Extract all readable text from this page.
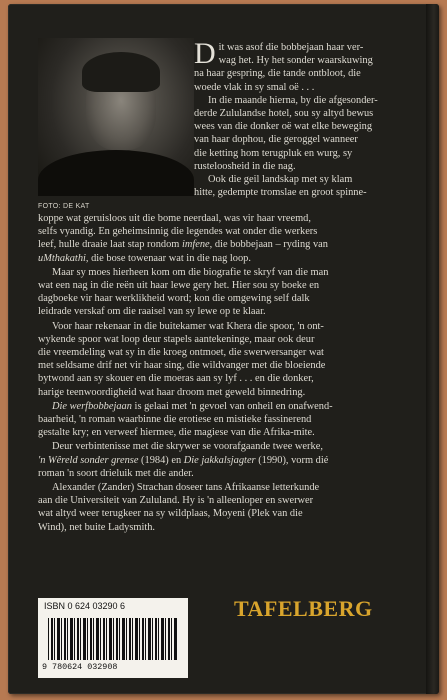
FOTO: DE KAT

D it was asof die bobbejaan haar ver-
wag het. Hy het sonder waarskuwing
na haar gespring, die tande ontbloot, die
woede vlak in sy smal oë . . .

In die maande hierna, by die afgesonder-
derde Zululandse hotel, sou sy altyd bewus
wees van die donker oë wat elke beweging
van haar dophou, die geroggel wanneer
die ketting hom terugpluk en wurg, sy
rusteloosheid in die nag.

Ook die geil landskap met sy klam
hitte, gedempte tromslae en groot spinne-

koppe wat geruisloos uit die bome neerdaal, was vir haar vreemd,
selfs vyandig. En geheimsinnig die legendes wat onder die werkers
leef, hulle draaie laat stap rondom imfene, die bobbejaan – ryding van
uMthakathi, die bose towenaar wat in die nag loop.

Maar sy moes hierheen kom om die biografie te skryf van die man
wat een nag in die reën uit haar lewe gery het. Hier sou sy boeke en
dagboeke vir haar werklikheid word; kon die omgewing self dalk
leidrade verskaf om die raaisel van sy lewe op te klaar.

Voor haar rekenaar in die buitekamer wat Khera die spoor, 'n ont-
wykende spoor wat loop deur stapels aantekeninge, maar ook deur
die vreemdeling wat sy in die kroeg ontmoet, die swerwersanger wat
met seldsame drif net vir haar sing, die wildvanger met die bloeiende
bytwond aan sy skouer en die moeras aan sy lyf . . . en die donker,
harige teenwoordigheid wat haar droom met geweld binnedring.

Die werfbobbejaan is gelaai met 'n gevoel van onheil en onafwend-
baarheid, 'n roman waarbinne die erotiese en mistieke fassinerend
gestalte kry; en verweef hiermee, die magiese van die Afrika-mite.

Deur verbintenisse met die skrywer se voorafgaande twee werke,
'n Wêreld sonder grense (1984) en Die jakkalsjagter (1990), vorm dié
roman 'n soort drieluik met die ander.

Alexander (Zander) Strachan doseer tans Afrikaanse letterkunde
aan die Universiteit van Zululand. Hy is 'n alleenloper en swerwer
wat altyd weer terugkeer na sy wildplaas, Moyeni (Plek van die
Wind), net buite Ladysmith.

ISBN 0 624 03290 6
9 780624 032908
TAFELBERG
